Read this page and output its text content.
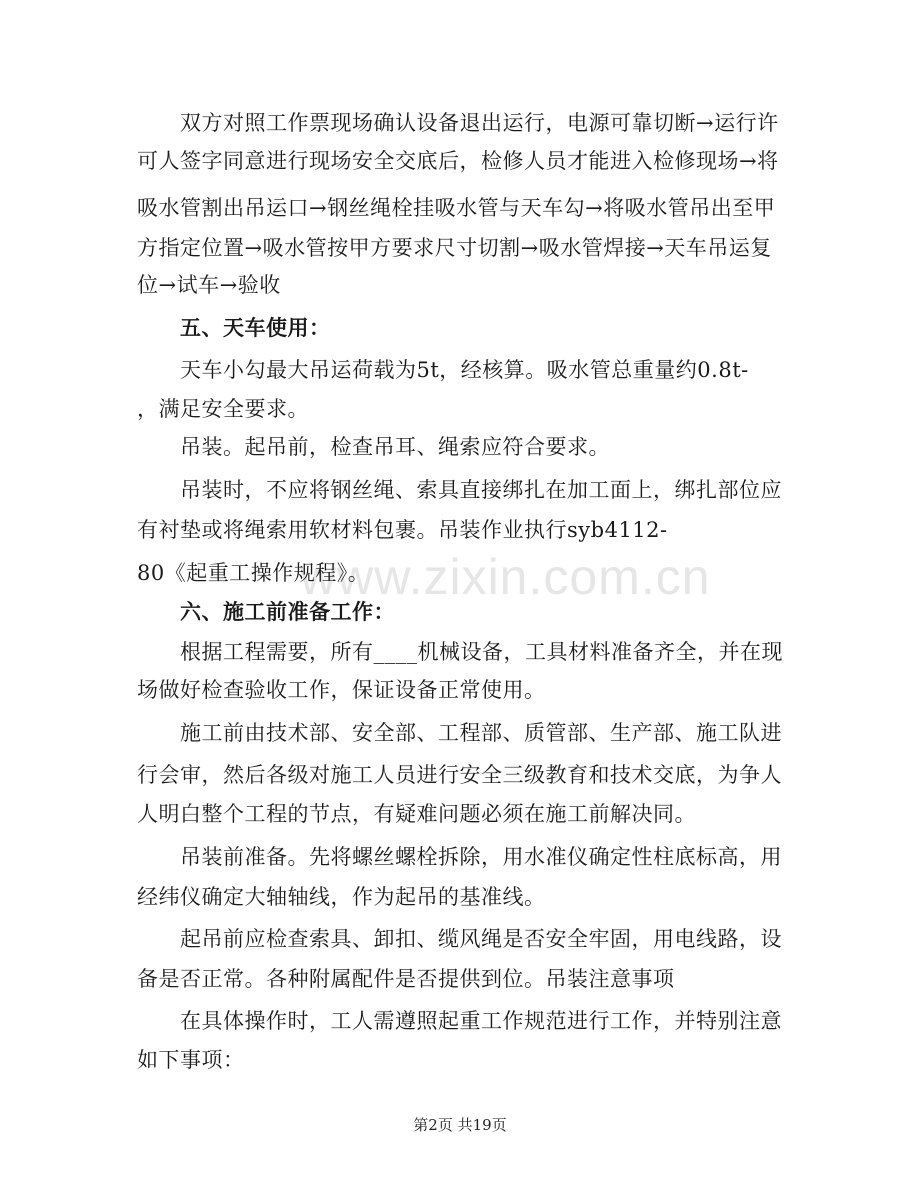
www.zixin.com.cn
双方对照工作票现场确认设备退出运行，电源可靠切断→运行许
可人签字同意进行现场安全交底后，检修人员才能进入检修现场→将
吸水管割出吊运口→钢丝绳栓挂吸水管与天车勾→将吸水管吊出至甲
方指定位置→吸水管按甲方要求尺寸切割→吸水管焊接→天车吊运复
位→试车→验收
五、天车使用：
天车小勾最大吊运荷载为5t，经核算。吸水管总重量约0.8t-
，满足安全要求。
吊装。起吊前，检查吊耳、绳索应符合要求。
吊装时，不应将钢丝绳、索具直接绑扎在加工面上，绑扎部位应
有衬垫或将绳索用软材料包裹。吊装作业执行syb4112-
80《起重工操作规程》。
六、施工前准备工作：
根据工程需要，所有____机械设备，工具材料准备齐全，并在现
场做好检查验收工作，保证设备正常使用。
施工前由技术部、安全部、工程部、质管部、生产部、施工队进
行会审，然后各级对施工人员进行安全三级教育和技术交底，为争人
人明白整个工程的节点，有疑难问题必须在施工前解决同。
吊装前准备。先将螺丝螺栓拆除，用水准仪确定性柱底标高，用
经纬仪确定大轴轴线，作为起吊的基准线。
起吊前应检查索具、卸扣、缆风绳是否安全牢固，用电线路，设
备是否正常。各种附属配件是否提供到位。吊装注意事项
在具体操作时，工人需遵照起重工作规范进行工作，并特别注意
如下事项：
第2页 共19页
